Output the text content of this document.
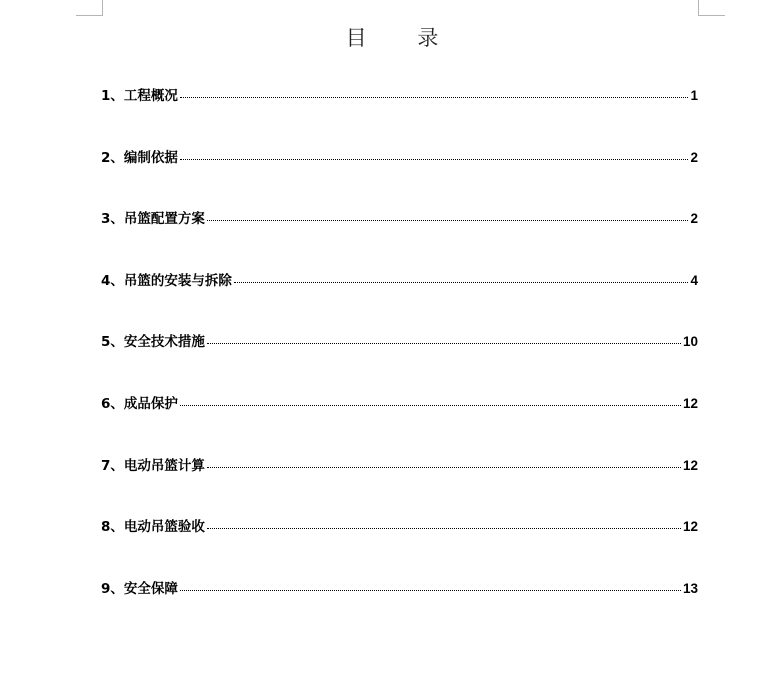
目 录
1、工程概况	1
2、编制依据	2
3、吊篮配置方案	2
4、吊篮的安装与拆除	4
5、安全技术措施	10
6、成品保护	12
7、电动吊篮计算	12
8、电动吊篮验收	12
9、安全保障	13
